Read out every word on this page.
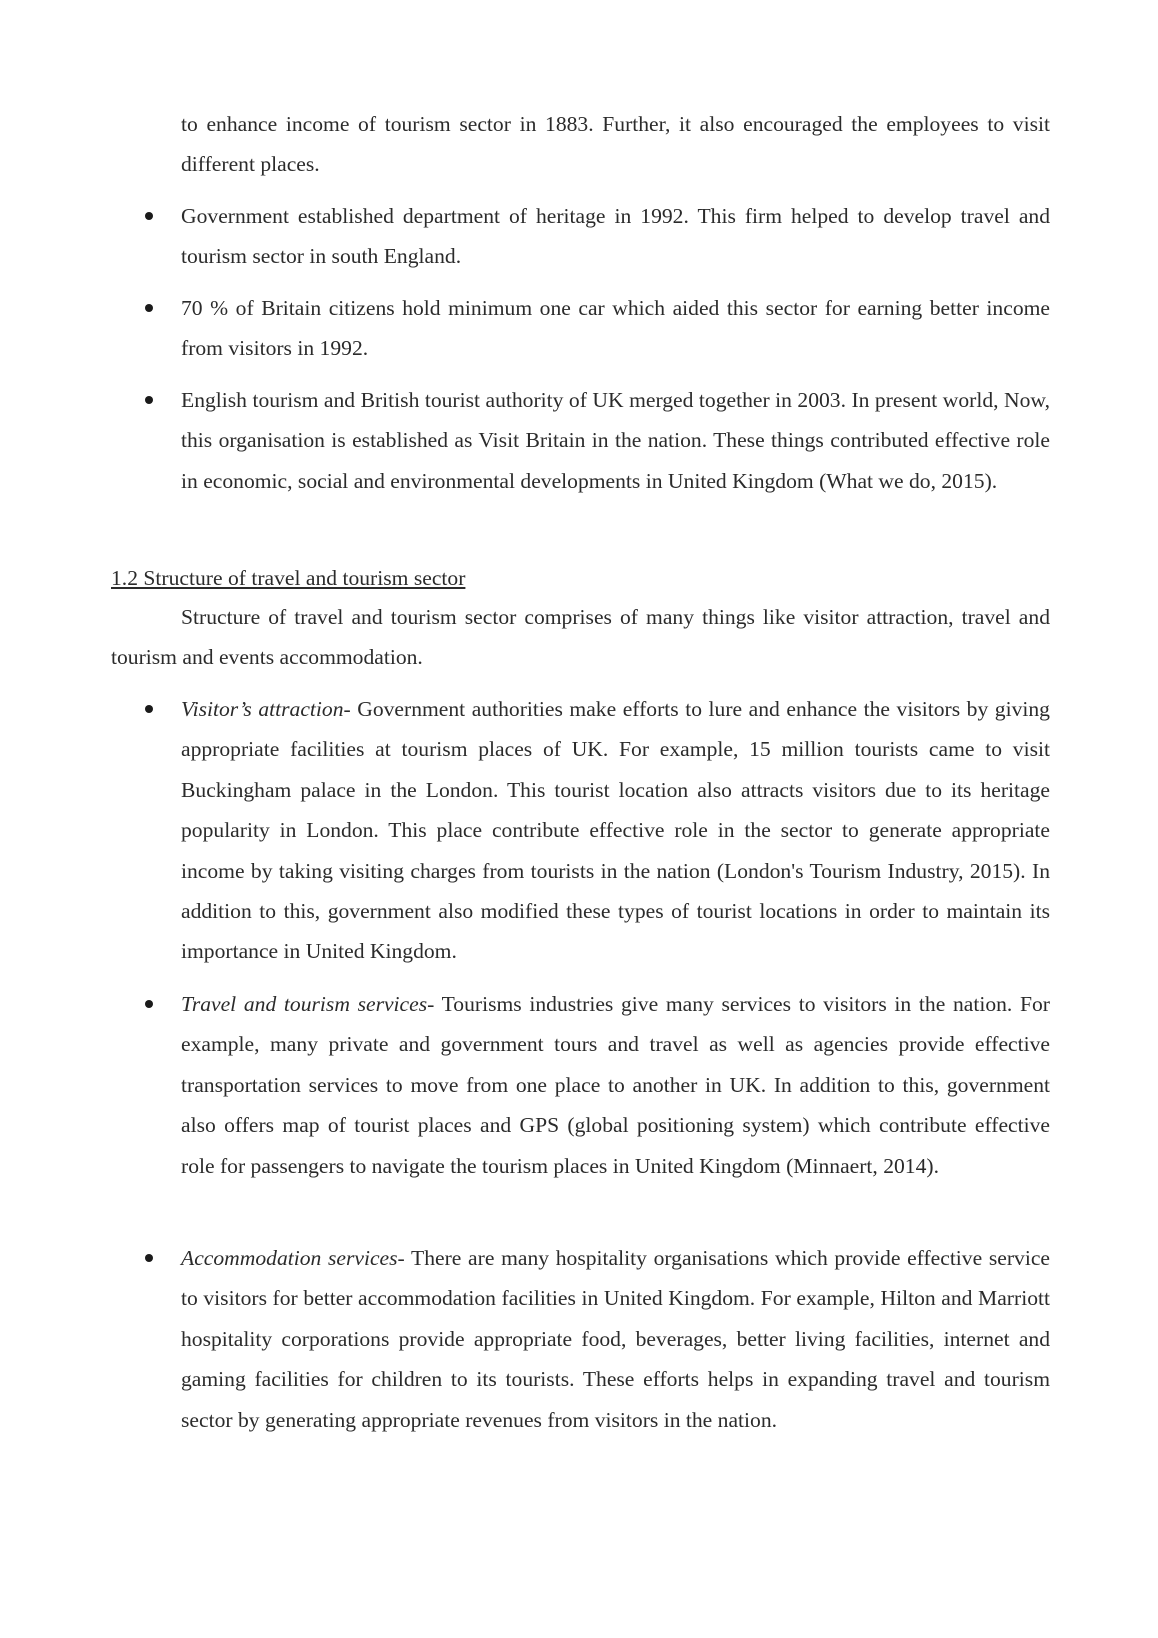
to enhance income of tourism sector in 1883. Further, it also encouraged the employees to visit different places.

Government established department of heritage in 1992. This firm helped to develop travel and tourism sector in south England.

70 % of Britain citizens hold minimum one car which aided this sector for earning better income from visitors in 1992.

English tourism and British tourist authority of UK merged together in 2003. In present world, Now, this organisation is established as Visit Britain in the nation. These things contributed effective role in economic, social and environmental developments in United Kingdom (What we do, 2015).

1.2 Structure of travel and tourism sector

Structure of travel and tourism sector comprises of many things like visitor attraction, travel and tourism and events accommodation.

Visitor’s attraction- Government authorities make efforts to lure and enhance the visitors by giving appropriate facilities at tourism places of UK. For example, 15 million tourists came to visit Buckingham palace in the London. This tourist location also attracts visitors due to its heritage popularity in London. This place contribute effective role in the sector to generate appropriate income by taking visiting charges from tourists in the nation (London's Tourism Industry, 2015). In addition to this, government also modified these types of tourist locations in order to maintain its importance in United Kingdom.

Travel and tourism services- Tourisms industries give many services to visitors in the nation. For example, many private and government tours and travel as well as agencies provide effective transportation services to move from one place to another in UK. In addition to this, government also offers map of tourist places and GPS (global positioning system) which contribute effective role for passengers to navigate the tourism places in United Kingdom (Minnaert, 2014).

Accommodation services- There are many hospitality organisations which provide effective service to visitors for better accommodation facilities in United Kingdom. For example, Hilton and Marriott hospitality corporations provide appropriate food, beverages, better living facilities, internet and gaming facilities for children to its tourists. These efforts helps in expanding travel and tourism sector by generating appropriate revenues from visitors in the nation.
